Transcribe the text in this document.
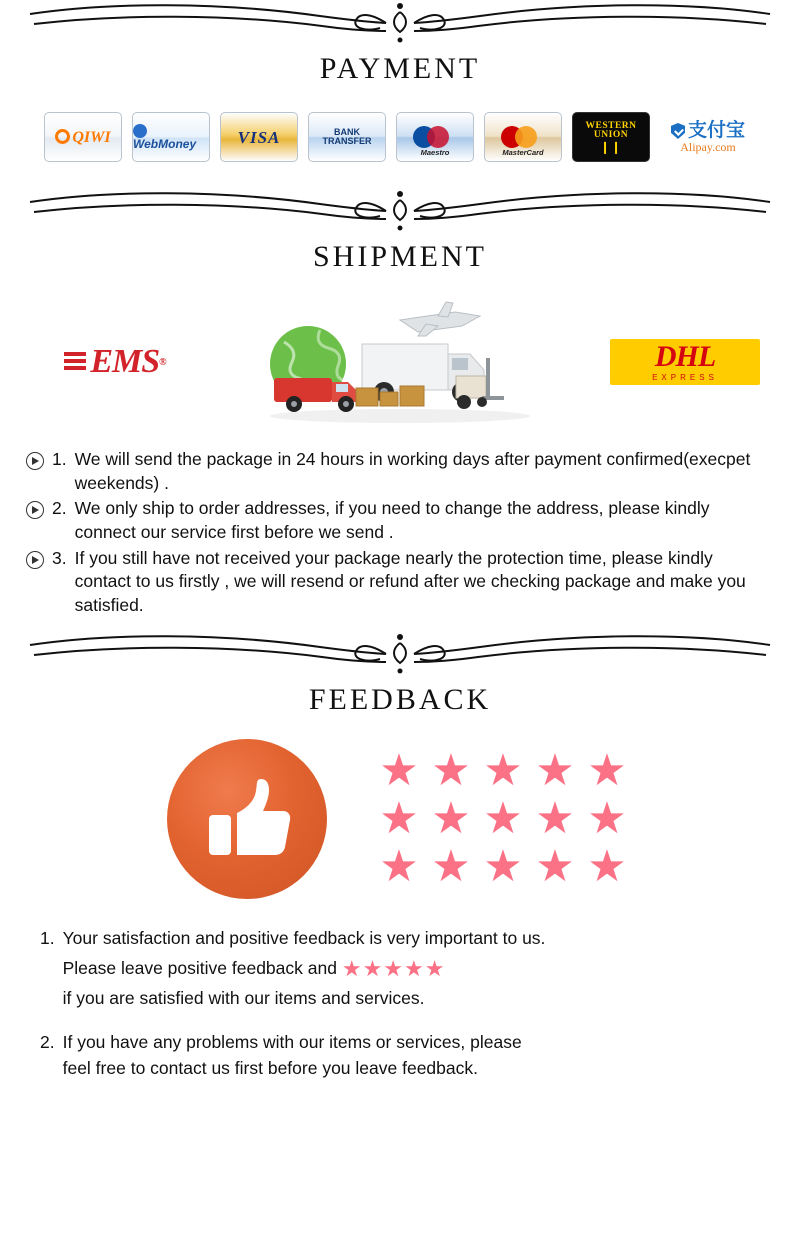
PAYMENT
QIWI WebMoney	VISA	BANK TRANSFER
Maestro	MasterCard
WESTERN UNION
❙❙
支付宝
Alipay.com
SHIPMENT
EMS ®	DHL
EXPRESS
1. We will send the package in 24 hours in working days after payment confirmed(execpet weekends) .
2. We only ship to order addresses, if you need to change the address, please kindly connect our service first before we send .
3. If you still have not received your package nearly the protection time, please kindly contact to us firstly , we will resend or refund after we checking package and make you satisfied.
FEEDBACK
★ ★ ★ ★ ★
★ ★ ★ ★ ★
★ ★ ★ ★ ★
1. Your satisfaction and positive feedback is very important to us.
Please leave positive feedback and ★★★★★
if you are satisfied with our items and services.
2. If you have any problems with our items or services, please
feel free to contact us first before you leave feedback.
